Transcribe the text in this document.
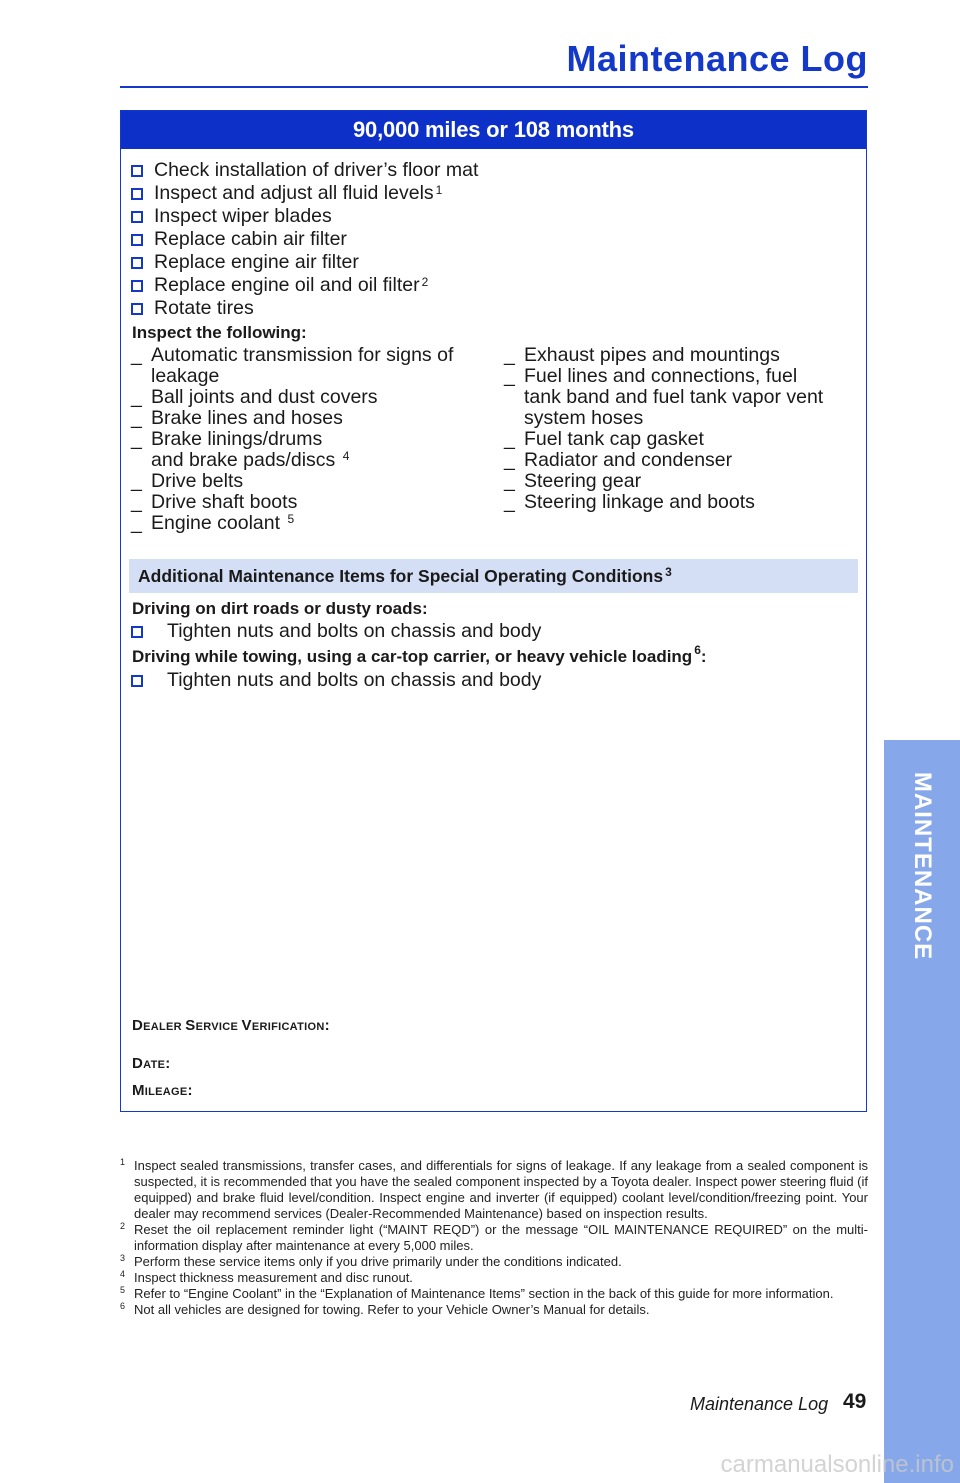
Maintenance Log
90,000 miles or 108 months
Check installation of driver’s floor mat
Inspect and adjust all fluid levels$^1$
Inspect wiper blades
Replace cabin air filter
Replace engine air filter
Replace engine oil and oil filter $^2$
Rotate tires
Inspect the following:
_ Automatic transmission for signs of leakage
_ Ball joints and dust covers
_ Brake lines and hoses
_ Brake linings/drums and brake pads/discs $^4$
_ Drive belts
_ Drive shaft boots
_ Engine coolant $^5$
_ Exhaust pipes and mountings
_ Fuel lines and connections, fuel tank band and fuel tank vapor vent system hoses
_ Fuel tank cap gasket
_ Radiator and condenser
_ Steering gear
_ Steering linkage and boots
Additional Maintenance Items for Special Operating Conditions $^3$
Driving on dirt roads or dusty roads:
Tighten nuts and bolts on chassis and body
Driving while towing, using a car-top carrier, or heavy vehicle loading $^6$:
Tighten nuts and bolts on chassis and body
DEALER SERVICE VERIFICATION:
DATE:
MILEAGE:
1 Inspect sealed transmissions, transfer cases, and differentials for signs of leakage. If any leakage from a sealed component is suspected, it is recommended that you have the sealed component inspected by a Toyota dealer. Inspect power steering fluid (if equipped) and brake fluid level/condition. Inspect engine and inverter (if equipped) coolant level/condition/freezing point. Your dealer may recommend services (Dealer-Recommended Maintenance) based on inspection results.
2 Reset the oil replacement reminder light (“MAINT REQD”) or the message “OIL MAINTENANCE REQUIRED” on the multi-information display after maintenance at every 5,000 miles.
3 Perform these service items only if you drive primarily under the conditions indicated.
4 Inspect thickness measurement and disc runout.
5 Refer to “Engine Coolant” in the “Explanation of Maintenance Items” section in the back of this guide for more information.
6 Not all vehicles are designed for towing. Refer to your Vehicle Owner’s Manual for details.
Maintenance Log 49
MAINTENANCE
carmanualsonline.info
